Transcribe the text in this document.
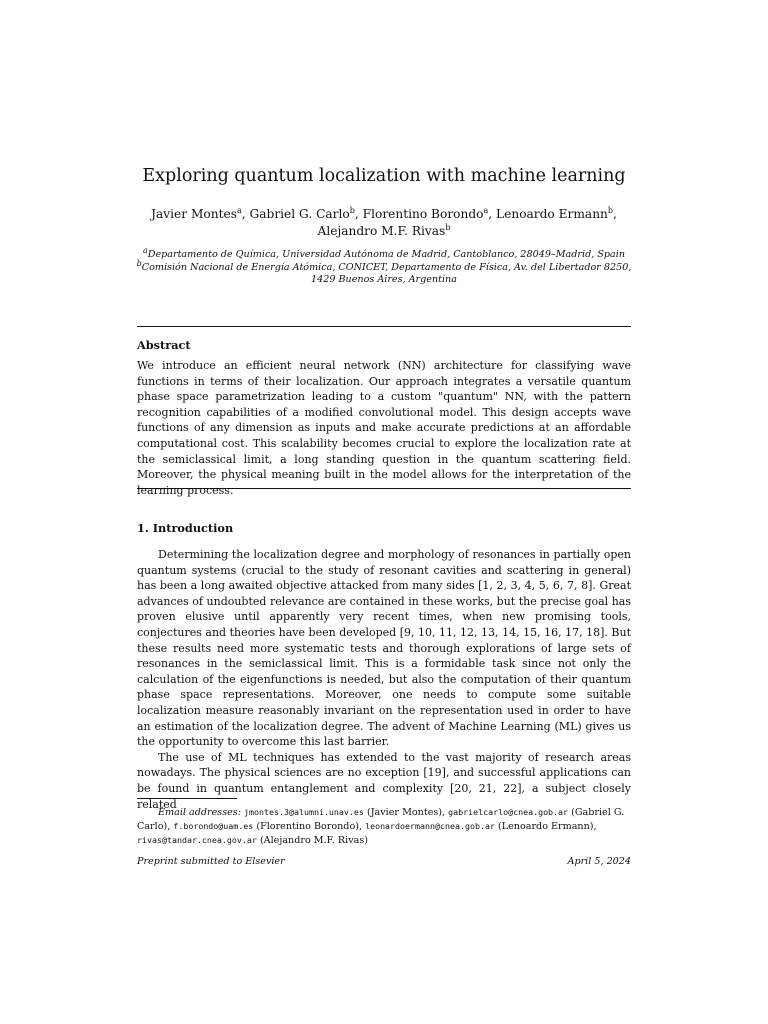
Exploring quantum localization with machine learning
Javier Montes$^a$, Gabriel G. Carlo$^b$, Florentino Borondo$^a$, Lenoardo Ermann$^b$,
Alejandro M.F. Rivas$^b$
$^a$Departamento de Química, Universidad Autónoma de Madrid, Cantoblanco, 28049–Madrid, Spain
$^b$Comisión Nacional de Energía Atómica, CONICET, Departamento de Física, Av. del Libertador 8250, 1429 Buenos Aires, Argentina
Abstract
We introduce an efficient neural network (NN) architecture for classifying wave functions in terms of their localization. Our approach integrates a versatile quantum phase space parametrization leading to a custom "quantum" NN, with the pattern recognition capabilities of a modified convolutional model. This design accepts wave functions of any dimension as inputs and make accurate predictions at an affordable computational cost. This scalability becomes crucial to explore the localization rate at the semiclassical limit, a long standing question in the quantum scattering field. Moreover, the physical meaning built in the model allows for the interpretation of the learning process.
1. Introduction

Determining the localization degree and morphology of resonances in partially open quantum systems (crucial to the study of resonant cavities and scattering in general) has been a long awaited objective attacked from many sides [1, 2, 3, 4, 5, 6, 7, 8]. Great advances of undoubted relevance are contained in these works, but the precise goal has proven elusive until apparently very recent times, when new promising tools, conjectures and theories have been developed [9, 10, 11, 12, 13, 14, 15, 16, 17, 18]. But these results need more systematic tests and thorough explorations of large sets of resonances in the semiclassical limit. This is a formidable task since not only the calculation of the eigenfunctions is needed, but also the computation of their quantum phase space representations. Moreover, one needs to compute some suitable localization measure reasonably invariant on the representation used in order to have an estimation of the localization degree. The advent of Machine Learning (ML) gives us the opportunity to overcome this last barrier.

The use of ML techniques has extended to the vast majority of research areas nowadays. The physical sciences are no exception [19], and successful applications can be found in quantum entanglement and complexity [20, 21, 22], a subject closely related

Email addresses: jmontes.3@alumni.unav.es (Javier Montes), gabrielcarlo@cnea.gob.ar (Gabriel G. Carlo), f.borondo@uam.es (Florentino Borondo), leonardoermann@cnea.gob.ar (Lenoardo Ermann), rivas@tandar.cnea.gov.ar (Alejandro M.F. Rivas)
Preprint submitted to Elsevier	April 5, 2024
